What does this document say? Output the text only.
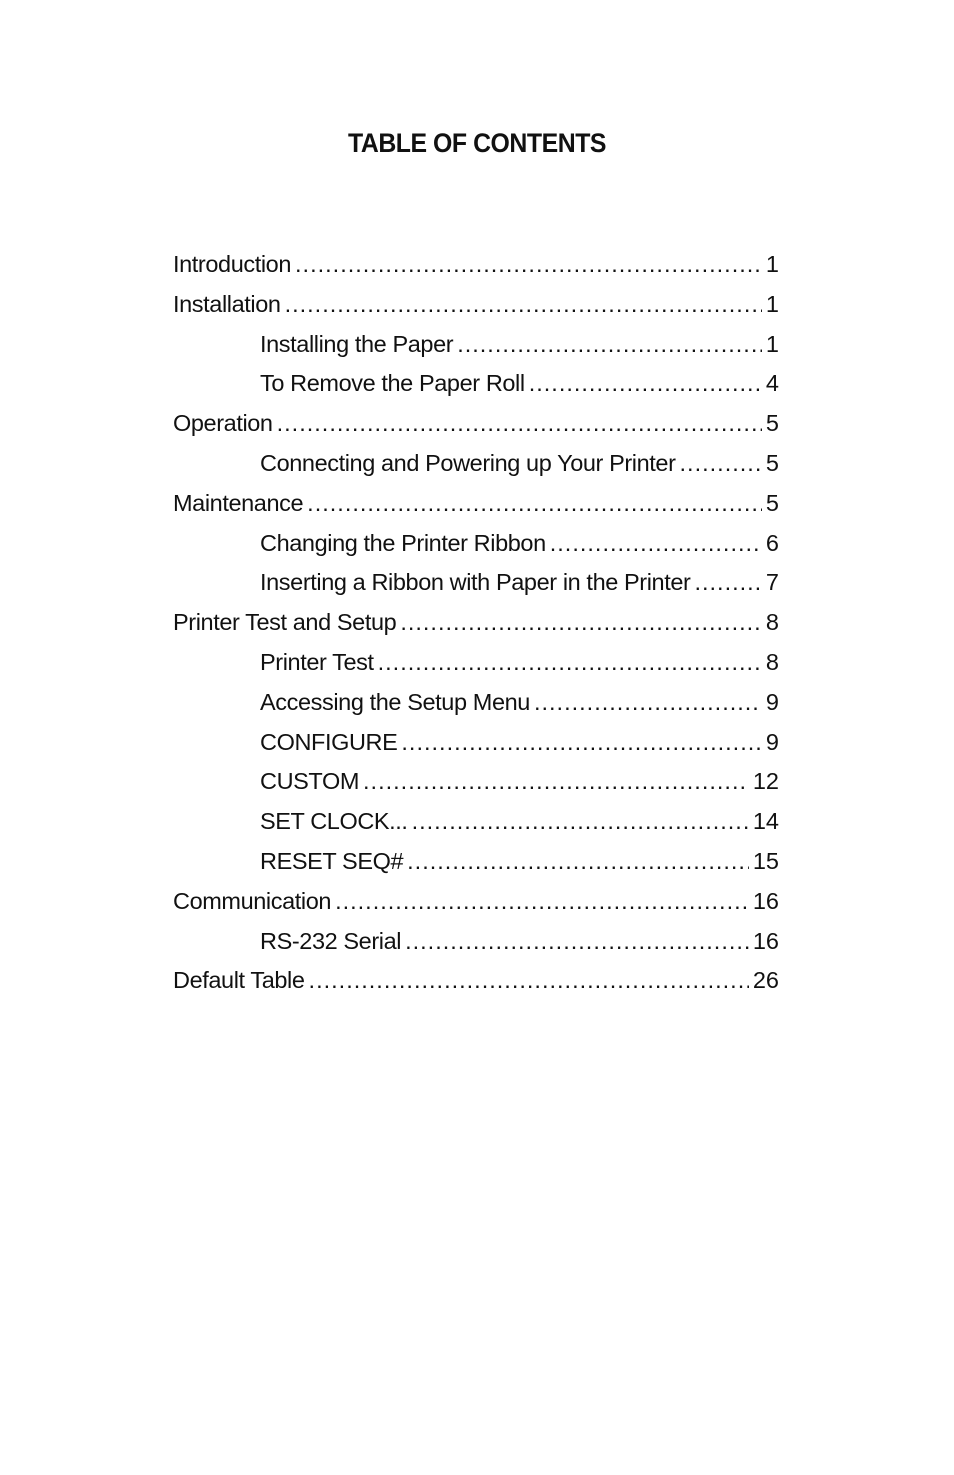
TABLE OF CONTENTS
Introduction .....	1
Installation .....	1
Installing the Paper .....	1
To Remove the Paper Roll .....	4
Operation .....	5
Connecting and Powering up Your Printer .....	5
Maintenance .....	5
Changing the Printer Ribbon .....	6
Inserting a Ribbon with Paper in the Printer .....	7
Printer Test and Setup .....	8
Printer Test .....	8
Accessing the Setup Menu .....	9
CONFIGURE .....	9
CUSTOM .....	12
SET CLOCK... .....	14
RESET SEQ# .....	15
Communication .....	16
RS-232 Serial .....	16
Default Table .....	26
